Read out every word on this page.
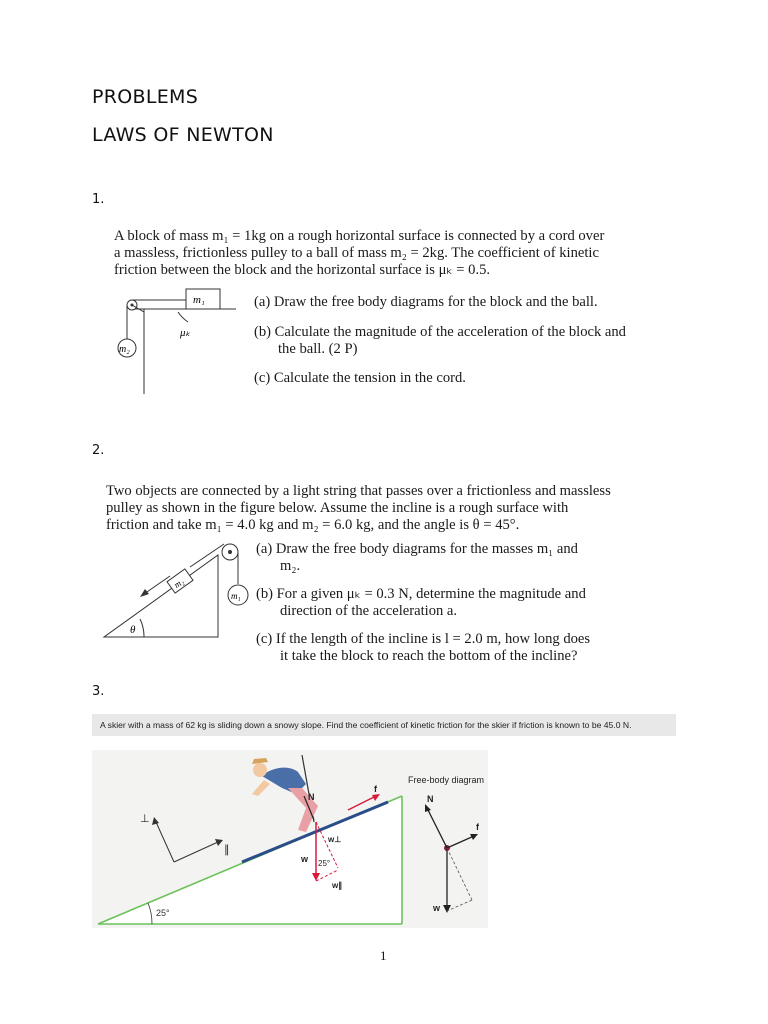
PROBLEMS
LAWS OF NEWTON
1.
A block of mass m₁ = 1kg on a rough horizontal surface is connected by a cord over
a massless, frictionless pulley to a ball of mass m₂ = 2kg. The coefficient of kinetic
friction between the block and the horizontal surface is μₖ = 0.5.
m₁
m₂
μₖ
(a) Draw the free body diagrams for the block and the ball.
(b) Calculate the magnitude of the acceleration of the block and
the ball. (2 P)
(c) Calculate the tension in the cord.
2.
Two objects are connected by a light string that passes over a frictionless and massless
pulley as shown in the figure below. Assume the incline is a rough surface with
friction and take m₁ = 4.0 kg and m₂ = 6.0 kg, and the angle is θ = 45°.
θ
m₂
m₁
(a) Draw the free body diagrams for the masses m₁ and
m₂.
(b) For a given μₖ = 0.3 N, determine the magnitude and
direction of the acceleration a.
(c) If the length of the incline is l = 2.0 m, how long does
it take the block to reach the bottom of the incline?
3.
A skier with a mass of 62 kg is sliding down a snowy slope. Find the coefficient of kinetic friction for the skier if friction is known to be 45.0 N.
25°
⊥
∥
N
f
w
w⊥
w∥
25°
Free-body diagram
N
f
w
1
